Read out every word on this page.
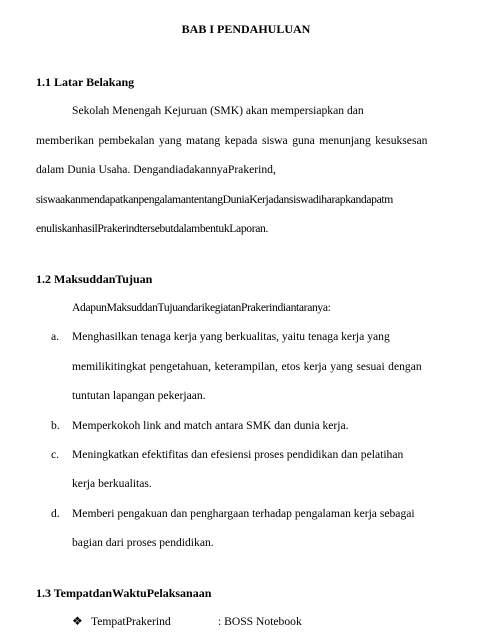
BAB I PENDAHULUAN
1.1 Latar Belakang
Sekolah Menengah Kejuruan (SMK) akan mempersiapkan dan
memberikan pembekalan yang matang kepada siswa guna menunjang kesuksesan
dalam Dunia Usaha. DengandiadakannyaPrakerind,
siswaakanmendapatkanpengalamantentangDuniaKerjadansiswadiharapkandapatm
enuliskanhasilPrakerindtersebutdalambentukLaporan.
1.2 MaksuddanTujuan
AdapunMaksuddanTujuandarikegiatanPrakerindiantaranya:
a. Menghasilkan tenaga kerja yang berkualitas, yaitu tenaga kerja yang
memilikitingkat pengetahuan, keterampilan, etos kerja yang sesuai dengan
tuntutan lapangan pekerjaan.
b. Memperkokoh link and match antara SMK dan dunia kerja.
c. Meningkatkan efektifitas dan efesiensi proses pendidikan dan pelatihan
kerja berkualitas.
d. Memberi pengakuan dan penghargaan terhadap pengalaman kerja sebagai
bagian dari proses pendidikan.
1.3 TempatdanWaktuPelaksanaan
❖ TempatPrakerind	: BOSS Notebook
